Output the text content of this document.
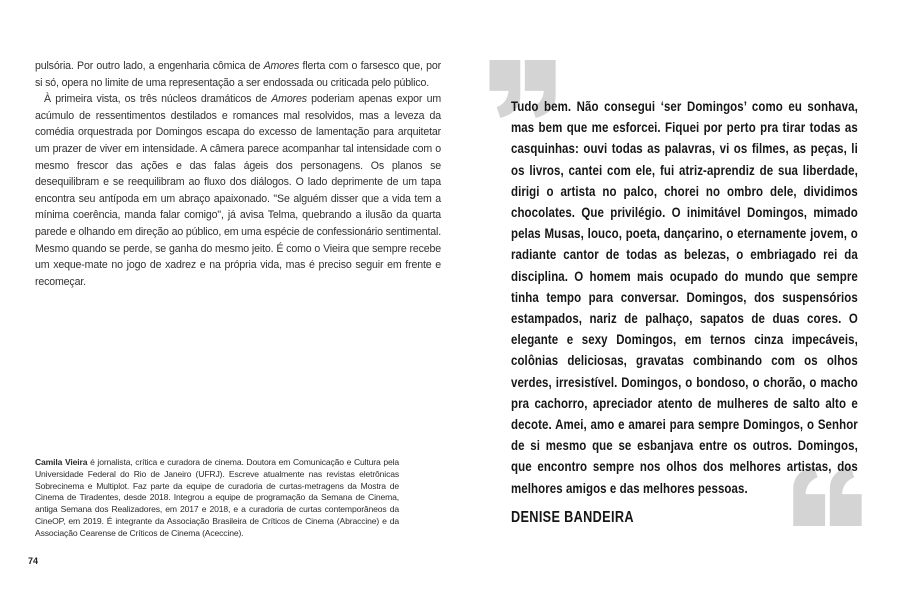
pulsória. Por outro lado, a engenharia cômica de Amores flerta com o farsesco que, por si só, opera no limite de uma representação a ser endossada ou criticada pelo público.

À primeira vista, os três núcleos dramáticos de Amores poderiam apenas expor um acúmulo de ressentimentos destilados e romances mal resolvidos, mas a leveza da comédia orquestrada por Domingos escapa do excesso de lamentação para arquitetar um prazer de viver em intensidade. A câmera parece acompanhar tal intensidade com o mesmo frescor das ações e das falas ágeis dos personagens. Os planos se desequilibram e se reequilibram ao fluxo dos diálogos. O lado deprimente de um tapa encontra seu antípoda em um abraço apaixonado. "Se alguém disser que a vida tem a mínima coerência, manda falar comigo", já avisa Telma, quebrando a ilusão da quarta parede e olhando em direção ao público, em uma espécie de confessionário sentimental. Mesmo quando se perde, se ganha do mesmo jeito. É como o Vieira que sempre recebe um xeque-mate no jogo de xadrez e na própria vida, mas é preciso seguir em frente e recomeçar.

Camila Vieira é jornalista, crítica e curadora de cinema. Doutora em Comunicação e Cultura pela Universidade Federal do Rio de Janeiro (UFRJ). Escreve atualmente nas revistas eletrônicas Sobrecinema e Multiplot. Faz parte da equipe de curadoria de curtas-metragens da Mostra de Cinema de Tiradentes, desde 2018. Integrou a equipe de programação da Semana de Cinema, antiga Semana dos Realizadores, em 2017 e 2018, e a curadoria de curtas contemporâneos da CineOP, em 2019. É integrante da Associação Brasileira de Críticos de Cinema (Abraccine) e da Associação Cearense de Críticos de Cinema (Aceccine).
74

Tudo bem. Não consegui ‘ser Domingos’ como eu sonhava, mas bem que me esforcei. Fiquei por perto pra tirar todas as casquinhas: ouvi todas as palavras, vi os filmes, as peças, li os livros, cantei com ele, fui atriz-aprendiz de sua liberdade, dirigi o artista no palco, chorei no ombro dele, dividimos chocolates. Que privilégio. O inimitável Domingos, mimado pelas Musas, louco, poeta, dançarino, o eternamente jovem, o radiante cantor de todas as belezas, o embriagado rei da disciplina. O homem mais ocupado do mundo que sempre tinha tempo para conversar. Domingos, dos suspensórios estampados, nariz de palhaço, sapatos de duas cores. O elegante e sexy Domingos, em ternos cinza impecáveis, colônias deliciosas, gravatas combinando com os olhos verdes, irresistível. Domingos, o bondoso, o chorão, o macho pra cachorro, apreciador atento de mulheres de salto alto e decote. Amei, amo e amarei para sempre Domingos, o Senhor de si mesmo que se esbanjava entre os outros. Domingos, que encontro sempre nos olhos dos melhores artistas, dos melhores amigos e das melhores pessoas.

DENISE BANDEIRA
